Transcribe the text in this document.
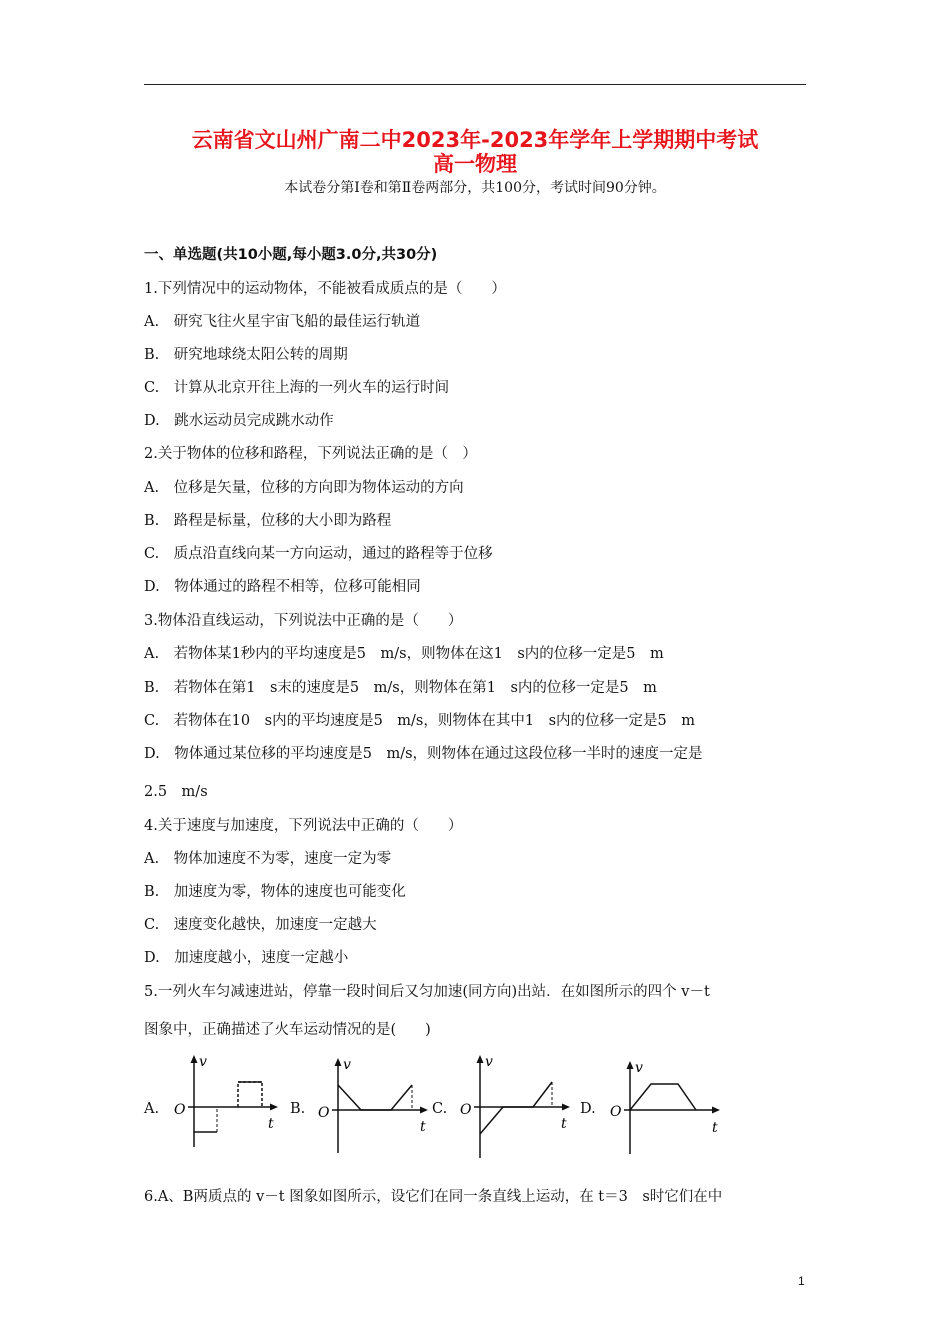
云南省文山州广南二中2023年-2023年学年上学期期中考试
高一物理
本试卷分第Ⅰ卷和第Ⅱ卷两部分，共100分，考试时间90分钟。
一、单选题(共10小题,每小题3.0分,共30分)
1.下列情况中的运动物体，不能被看成质点的是（　　）
A.　研究飞往火星宇宙飞船的最佳运行轨道
B.　研究地球绕太阳公转的周期
C.　计算从北京开往上海的一列火车的运行时间
D.　跳水运动员完成跳水动作
2.关于物体的位移和路程，下列说法正确的是（　）
A.　位移是矢量，位移的方向即为物体运动的方向
B.　路程是标量，位移的大小即为路程
C.　质点沿直线向某一方向运动，通过的路程等于位移
D.　物体通过的路程不相等，位移可能相同
3.物体沿直线运动，下列说法中正确的是（　　）
A.　若物体某1秒内的平均速度是5　m/s，则物体在这1　s内的位移一定是5　m
B.　若物体在第1　s末的速度是5　m/s，则物体在第1　s内的位移一定是5　m
C.　若物体在10　s内的平均速度是5　m/s，则物体在其中1　s内的位移一定是5　m
D.　物体通过某位移的平均速度是5　m/s，则物体在通过这段位移一半时的速度一定是
2.5　m/s
4.关于速度与加速度，下列说法中正确的（　　）
A.　物体加速度不为零，速度一定为零
B.　加速度为零，物体的速度也可能变化
C.　速度变化越快，加速度一定越大
D.　加速度越小，速度一定越小
5.一列火车匀减速进站，停靠一段时间后又匀加速(同方向)出站．在如图所示的四个 v－t
图象中，正确描述了火车运动情况的是(　　)
A.
v
O
t
B.
v
O
t
C.
v
O
t
D.
v
O
t
6.A、B两质点的 v－t 图象如图所示，设它们在同一条直线上运动，在 t＝3　s时它们在中
1
